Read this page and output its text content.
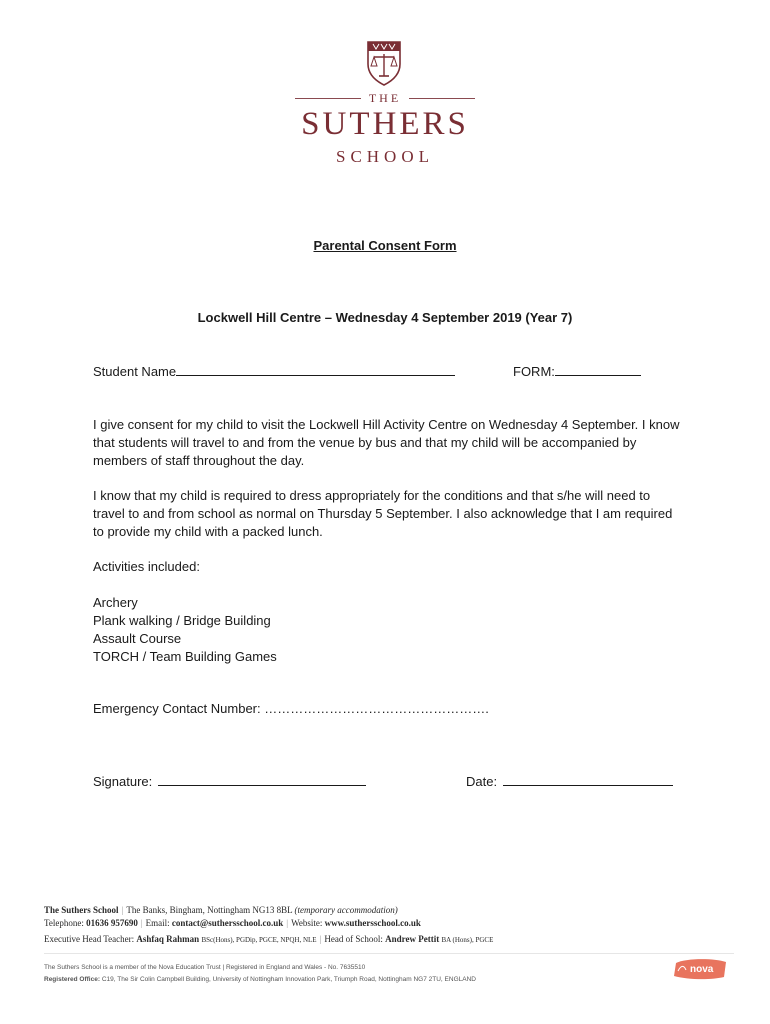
THE
SUTHERS
SCHOOL
Parental Consent Form
Lockwell Hill Centre – Wednesday 4 September 2019 (Year 7)
Student Name	FORM:

I give consent for my child to visit the Lockwell Hill Activity Centre on Wednesday 4 September. I know that students will travel to and from the venue by bus and that my child will be accompanied by members of staff throughout the day.

I know that my child is required to dress appropriately for the conditions and that s/he will need to travel to and from school as normal on Thursday 5 September. I also acknowledge that I am required to provide my child with a packed lunch.

Activities included:
Archery
Plank walking / Bridge Building
Assault Course
TORCH / Team Building Games
Emergency Contact Number: …………………………………………….
Signature:	Date:
The Suthers School | The Banks, Bingham, Nottingham NG13 8BL (temporary accommodation)
Telephone: 01636 957690 | Email: contact@suthersschool.co.uk | Website: www.suthersschool.co.uk
Executive Head Teacher: Ashfaq Rahman BSc(Hons), PGDip, PGCE, NPQH, NLE | Head of School: Andrew Pettit BA (Hons), PGCE
The Suthers School is a member of the Nova Education Trust | Registered in England and Wales - No. 7635510
Registered Office: C19, The Sir Colin Campbell Building, University of Nottingham Innovation Park, Triumph Road, Nottingham NG7 2TU, ENGLAND
nova
